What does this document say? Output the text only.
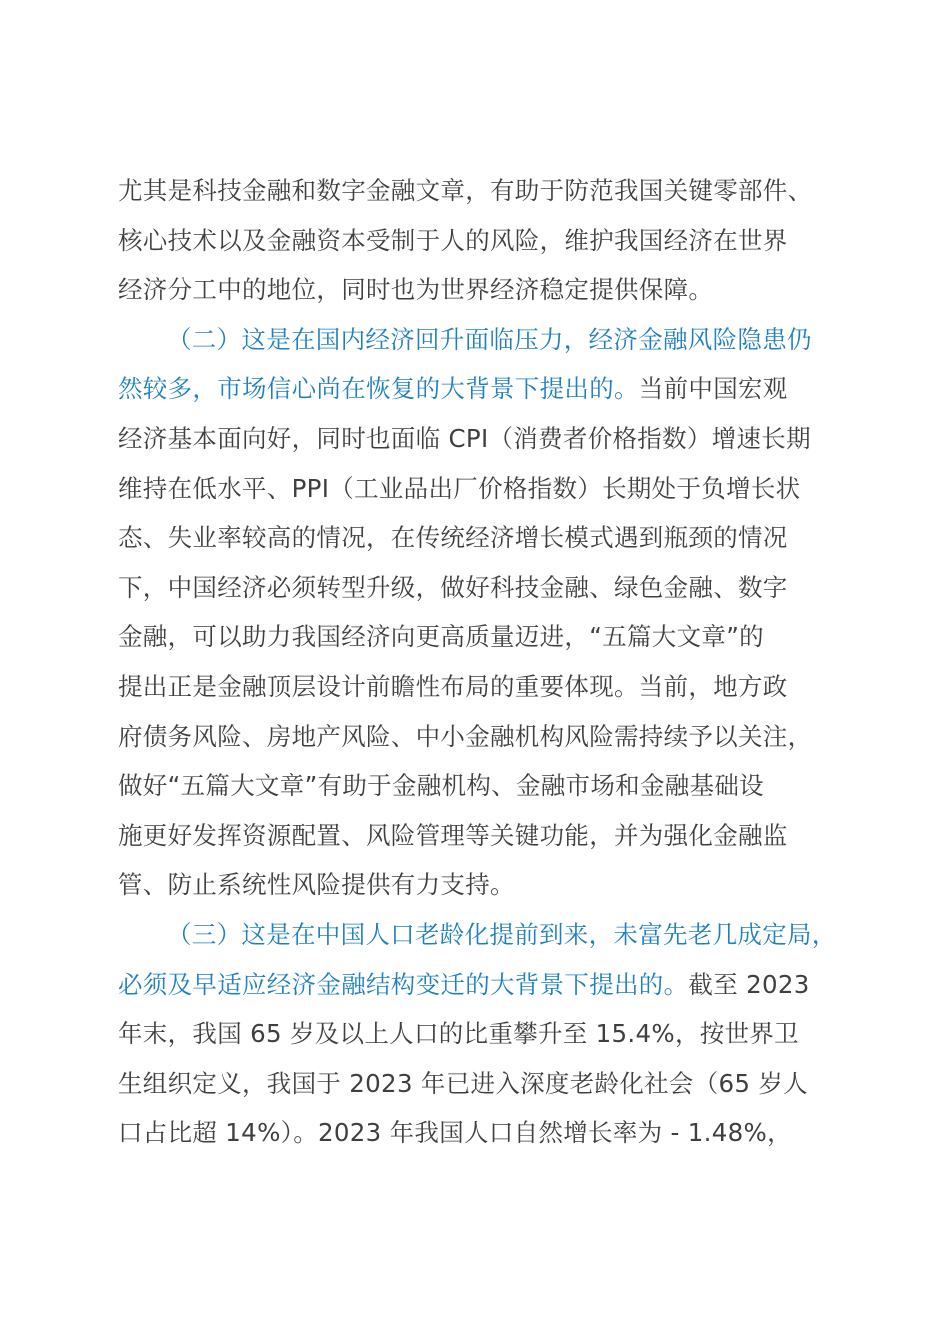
尤其是科技金融和数字金融文章，有助于防范我国关键零部件、
核心技术以及金融资本受制于人的风险，维护我国经济在世界
经济分工中的地位，同时也为世界经济稳定提供保障。
（二）这是在国内经济回升面临压力，经济金融风险隐患仍
然较多，市场信心尚在恢复的大背景下提出的。当前中国宏观
经济基本面向好，同时也面临 CPI（消费者价格指数）增速长期
维持在低水平、PPI（工业品出厂价格指数）长期处于负增长状
态、失业率较高的情况，在传统经济增长模式遇到瓶颈的情况
下，中国经济必须转型升级，做好科技金融、绿色金融、数字
金融，可以助力我国经济向更高质量迈进，“五篇大文章”的
提出正是金融顶层设计前瞻性布局的重要体现。当前，地方政
府债务风险、房地产风险、中小金融机构风险需持续予以关注，
做好“五篇大文章”有助于金融机构、金融市场和金融基础设
施更好发挥资源配置、风险管理等关键功能，并为强化金融监
管、防止系统性风险提供有力支持。
（三）这是在中国人口老龄化提前到来，未富先老几成定局，
必须及早适应经济金融结构变迁的大背景下提出的。截至 2023
年末，我国 65 岁及以上人口的比重攀升至 15.4%，按世界卫
生组织定义，我国于 2023 年已进入深度老龄化社会（65 岁人
口占比超 14%）。2023 年我国人口自然增长率为 - 1.48%，
